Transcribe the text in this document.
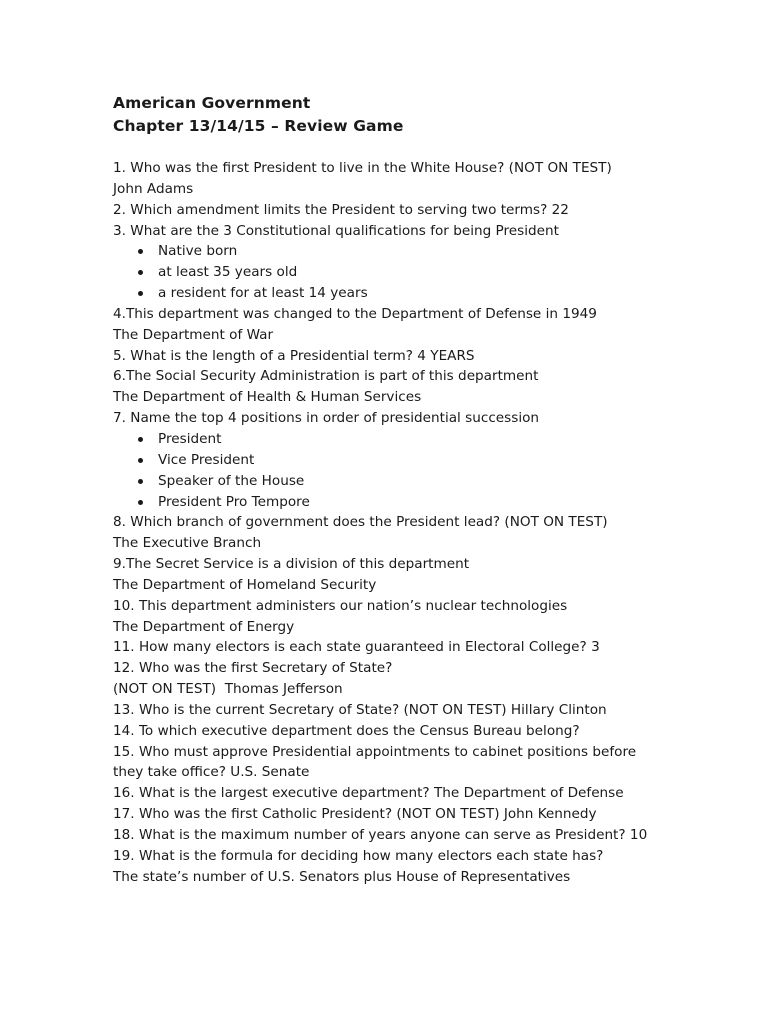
American Government
Chapter 13/14/15 – Review Game
1. Who was the first President to live in the White House? (NOT ON TEST)
John Adams
2. Which amendment limits the President to serving two terms? 22
3. What are the 3 Constitutional qualifications for being President
Native born
at least 35 years old
a resident for at least 14 years
4.This department was changed to the Department of Defense in 1949
The Department of War
5. What is the length of a Presidential term? 4 YEARS
6.The Social Security Administration is part of this department
The Department of Health & Human Services
7. Name the top 4 positions in order of presidential succession
President
Vice President
Speaker of the House
President Pro Tempore
8. Which branch of government does the President lead? (NOT ON TEST)
The Executive Branch
9.The Secret Service is a division of this department
The Department of Homeland Security
10. This department administers our nation’s nuclear technologies
The Department of Energy
11. How many electors is each state guaranteed in Electoral College? 3
12. Who was the first Secretary of State?
(NOT ON TEST)  Thomas Jefferson
13. Who is the current Secretary of State? (NOT ON TEST) Hillary Clinton
14. To which executive department does the Census Bureau belong?
15. Who must approve Presidential appointments to cabinet positions before
they take office? U.S. Senate
16. What is the largest executive department? The Department of Defense
17. Who was the first Catholic President? (NOT ON TEST) John Kennedy
18. What is the maximum number of years anyone can serve as President? 10
19. What is the formula for deciding how many electors each state has?
The state’s number of U.S. Senators plus House of Representatives
